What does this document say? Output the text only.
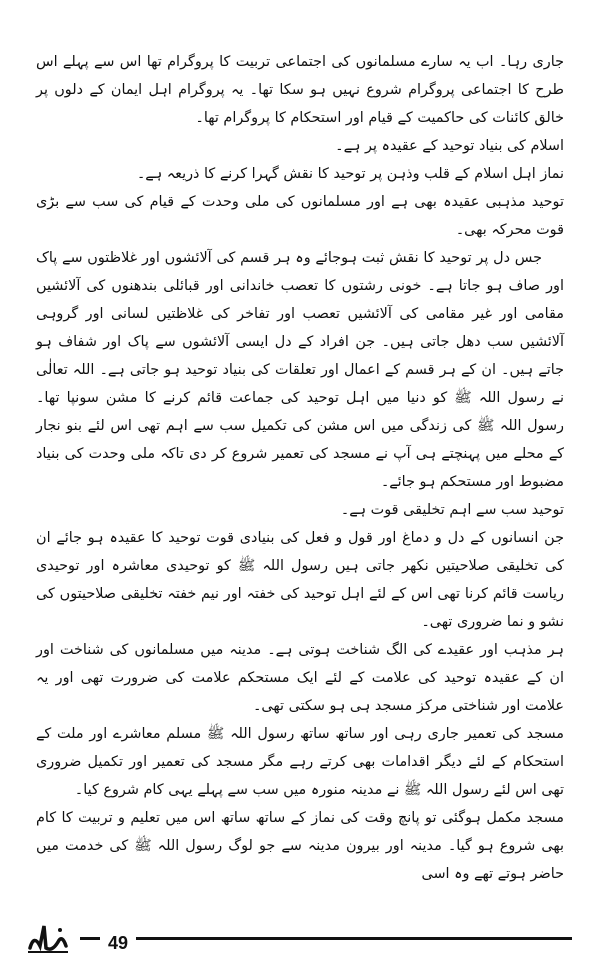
جاری رہا۔ اب یہ سارے مسلمانوں کی اجتماعی تربیت کا پروگرام تھا اس سے پہلے اس طرح کا اجتماعی پروگرام شروع نہیں ہو سکا تھا۔ یہ پروگرام اہل ایمان کے دلوں پر خالق کائنات کی حاکمیت کے قیام اور استحکام کا پروگرام تھا۔

اسلام کی بنیاد توحید کے عقیدہ پر ہے۔

نماز اہل اسلام کے قلب وذہن پر توحید کا نقش گہرا کرنے کا ذریعہ ہے۔

توحید مذہبی عقیدہ بھی ہے اور مسلمانوں کی ملی وحدت کے قیام کی سب سے بڑی قوت محرکہ بھی۔

جس دل پر توحید کا نقش ثبت ہوجائے وہ ہر قسم کی آلائشوں اور غلاظتوں سے پاک اور صاف ہو جاتا ہے۔ خونی رشتوں کا تعصب خاندانی اور قبائلی بندھنوں کی آلائشیں مقامی اور غیر مقامی کی آلائشیں تعصب اور تفاخر کی غلاظتیں لسانی اور گروہی آلائشیں سب دھل جاتی ہیں۔ جن افراد کے دل ایسی آلائشوں سے پاک اور شفاف ہو جاتے ہیں۔ ان کے ہر قسم کے اعمال اور تعلقات کی بنیاد توحید ہو جاتی ہے۔ اللہ تعالٰی نے رسول اللہ ﷺ کو دنیا میں اہل توحید کی جماعت قائم کرنے کا مشن سونپا تھا۔ رسول اللہ ﷺ کی زندگی میں اس مشن کی تکمیل سب سے اہم تھی اس لئے بنو نجار کے محلے میں پہنچتے ہی آپ نے مسجد کی تعمیر شروع کر دی تاکہ ملی وحدت کی بنیاد مضبوط اور مستحکم ہو جائے۔

توحید سب سے اہم تخلیقی قوت ہے۔

جن انسانوں کے دل و دماغ اور قول و فعل کی بنیادی قوت توحید کا عقیدہ ہو جائے ان کی تخلیقی صلاحیتیں نکھر جاتی ہیں رسول اللہ ﷺ کو توحیدی معاشرہ اور توحیدی ریاست قائم کرنا تھی اس کے لئے اہل توحید کی خفتہ اور نیم خفتہ تخلیقی صلاحیتوں کی نشو و نما ضروری تھی۔

ہر مذہب اور عقیدے کی الگ شناخت ہوتی ہے۔ مدینہ میں مسلمانوں کی شناخت اور ان کے عقیدہ توحید کی علامت کے لئے ایک مستحکم علامت کی ضرورت تھی اور یہ علامت اور شناختی مرکز مسجد ہی ہو سکتی تھی۔

مسجد کی تعمیر جاری رہی اور ساتھ ساتھ رسول اللہ ﷺ مسلم معاشرے اور ملت کے استحکام کے لئے دیگر اقدامات بھی کرتے رہے مگر مسجد کی تعمیر اور تکمیل ضروری تھی اس لئے رسول اللہ ﷺ نے مدینہ منورہ میں سب سے پہلے یہی کام شروع کیا۔

مسجد مکمل ہوگئی تو پانچ وقت کی نماز کے ساتھ ساتھ اس میں تعلیم و تربیت کا کام بھی شروع ہو گیا۔ مدینہ اور بیرون مدینہ سے جو لوگ رسول اللہ ﷺ کی خدمت میں حاضر ہوتے تھے وہ اسی

49
